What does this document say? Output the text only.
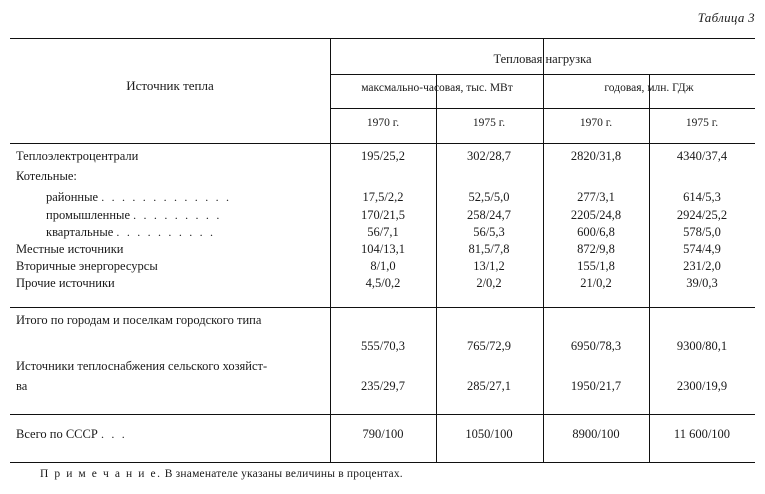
Таблица 3
Источник тепла
Тепловая нагрузка
максмально-часовая, тыс. МВт	годовая, млн. ГДж
1970 г.	1975 г.	1970 г.	1975 г.
Теплоэлектроцентрали	195/25,2	302/28,7	2820/31,8	4340/37,4
Котельные:
районные . . . . . . . . . . . . .	17,5/2,2	52,5/5,0	277/3,1	614/5,3
промышленные . . . . . . . . .	170/21,5	258/24,7	2205/24,8	2924/25,2
квартальные . . . . . . . . . .	56/7,1	56/5,3	600/6,8	578/5,0
Местные источники	104/13,1	81,5/7,8	872/9,8	574/4,9
Вторичные энергоресурсы	8/1,0	13/1,2	155/1,8	231/2,0
Прочие источники	4,5/0,2	2/0,2	21/0,2	39/0,3
Итого по городам и поселкам городского типа
555/70,3	765/72,9	6950/78,3	9300/80,1
Источники теплоснабжения сельского хозяйст-
ва	235/29,7	285/27,1	1950/21,7	2300/19,9
Всего по СССР . . .	790/100	1050/100	8900/100	11 600/100
П р и м е ч а н и е. В знаменателе указаны величины в процентах.
